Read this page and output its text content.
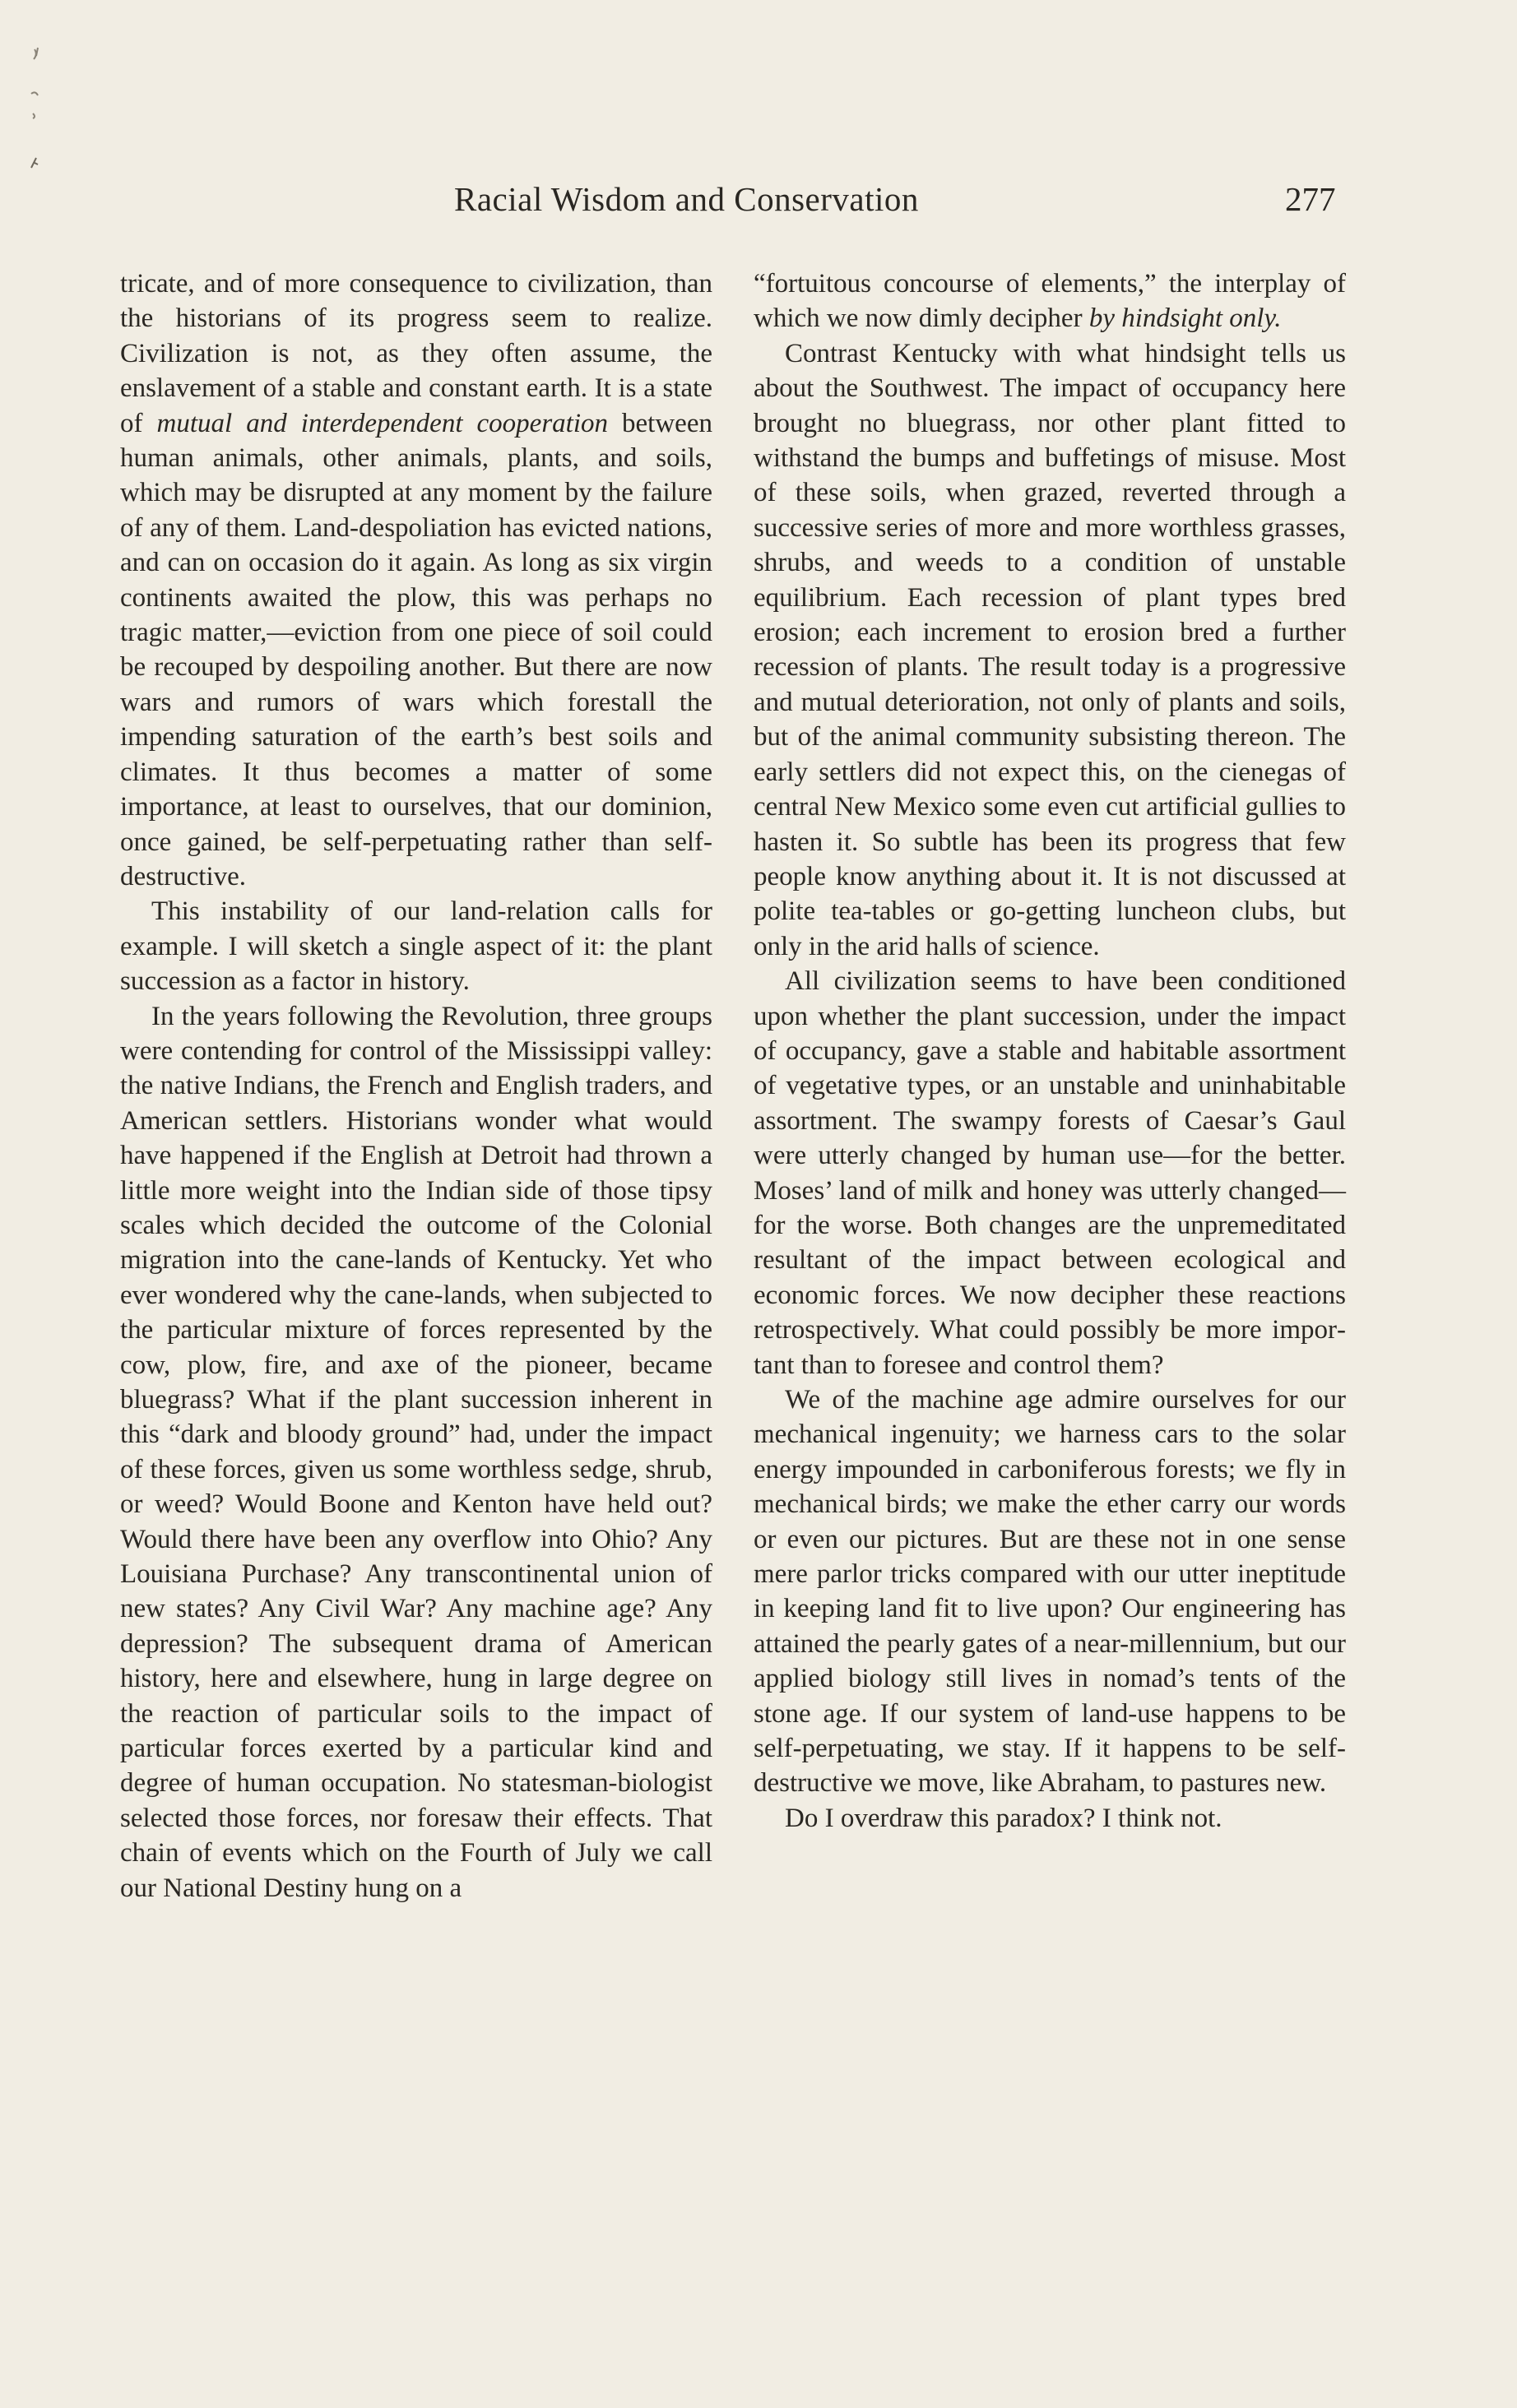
Racial Wisdom and Conservation	277

tricate, and of more consequence to civilization, than the historians of its progress seem to realize. Civilization is not, as they often assume, the enslavement of a stable and constant earth. It is a state of mutual and interdependent cooperation between human animals, other animals, plants, and soils, which may be disrupted at any moment by the failure of any of them. Land-despoliation has evicted nations, and can on occasion do it again. As long as six virgin continents awaited the plow, this was perhaps no tragic matter,—eviction from one piece of soil could be recouped by despoiling another. But there are now wars and rumors of wars which forestall the impending saturation of the earth’s best soils and climates. It thus becomes a matter of some importance, at least to ourselves, that our dominion, once gained, be self-perpetuating rather than self-destructive.

This instability of our land-relation calls for example. I will sketch a single aspect of it: the plant succession as a factor in history.

In the years following the Revolution, three groups were contending for control of the Mississippi valley: the native Indians, the French and English traders, and American settlers. Historians wonder what would have happened if the English at Detroit had thrown a little more weight into the Indian side of those tipsy scales which decided the outcome of the Colonial migration into the cane-lands of Kentucky. Yet who ever wondered why the cane-lands, when subjected to the particular mixture of forces represented by the cow, plow, fire, and axe of the pioneer, became bluegrass? What if the plant succession inherent in this “dark and bloody ground” had, under the impact of these forces, given us some worthless sedge, shrub, or weed? Would Boone and Kenton have held out? Would there have been any overflow into Ohio? Any Louisiana Purchase? Any transcontinental union of new states? Any Civil War? Any machine age? Any depression? The subsequent drama of American history, here and elsewhere, hung in large degree on the reaction of particular soils to the impact of particular forces exerted by a particular kind and degree of human occupation. No statesman-biologist selected those forces, nor foresaw their effects. That chain of events which on the Fourth of July we call our National Destiny hung on a

“fortuitous concourse of elements,” the interplay of which we now dimly decipher by hindsight only.

Contrast Kentucky with what hindsight tells us about the Southwest. The impact of occupancy here brought no bluegrass, nor other plant fitted to withstand the bumps and buffetings of misuse. Most of these soils, when grazed, reverted through a successive series of more and more worthless grasses, shrubs, and weeds to a condition of unstable equilibrium. Each recession of plant types bred erosion; each increment to erosion bred a further recession of plants. The result today is a progressive and mutual deterioration, not only of plants and soils, but of the animal community subsisting thereon. The early settlers did not expect this, on the cienegas of central New Mexico some even cut artificial gullies to hasten it. So subtle has been its progress that few people know anything about it. It is not discussed at polite tea-tables or go-getting luncheon clubs, but only in the arid halls of science.

All civilization seems to have been conditioned upon whether the plant succession, under the impact of occupancy, gave a stable and habitable assortment of vegetative types, or an unstable and uninhabitable assortment. The swampy forests of Caesar’s Gaul were utterly changed by human use—for the better. Moses’ land of milk and honey was utterly changed—for the worse. Both changes are the unpremeditated resultant of the impact between ecological and economic forces. We now decipher these reactions retrospectively. What could possibly be more important than to foresee and control them?

We of the machine age admire ourselves for our mechanical ingenuity; we harness cars to the solar energy impounded in carboniferous forests; we fly in mechanical birds; we make the ether carry our words or even our pictures. But are these not in one sense mere parlor tricks compared with our utter ineptitude in keeping land fit to live upon? Our engineering has attained the pearly gates of a near-millennium, but our applied biology still lives in nomad’s tents of the stone age. If our system of land-use happens to be self-perpetuating, we stay. If it happens to be self-destructive we move, like Abraham, to pastures new.

Do I overdraw this paradox? I think not.
